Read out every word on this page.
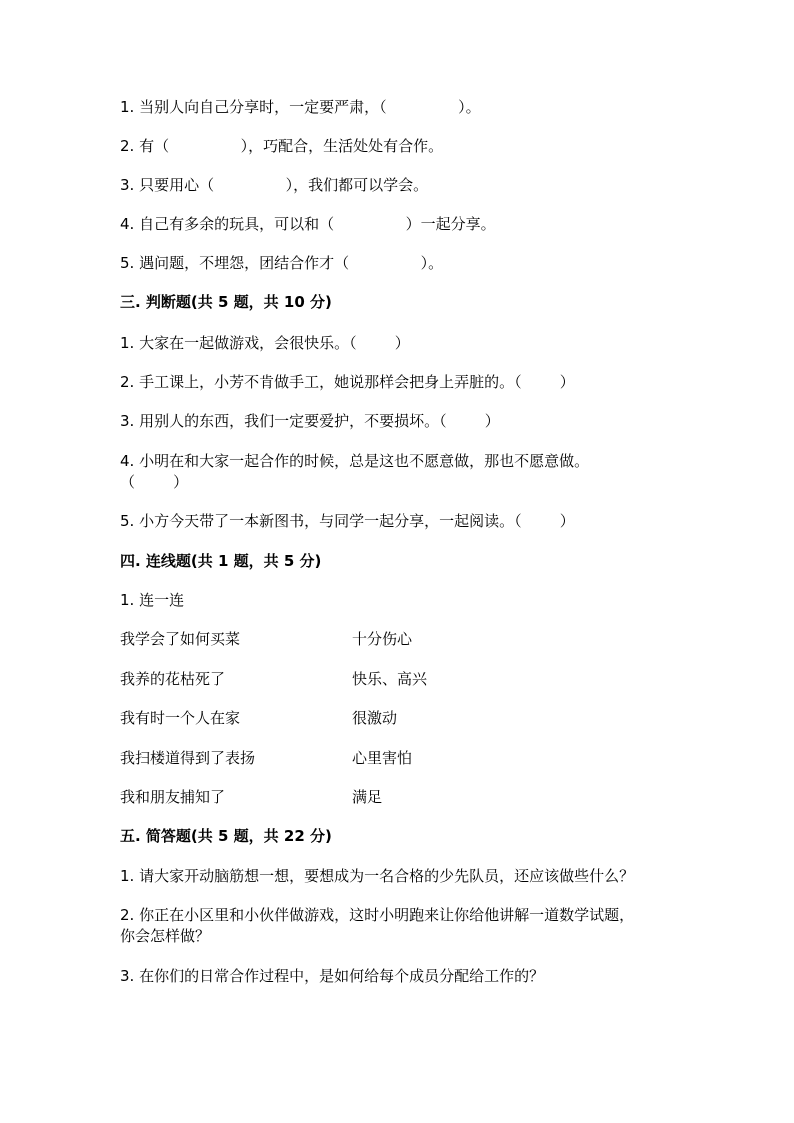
1. 当别人向自己分享时，一定要严肃，（               ）。

2. 有（               ），巧配合，生活处处有合作。

3. 只要用心（               ），我们都可以学会。

4. 自己有多余的玩具，可以和（               ）一起分享。

5. 遇问题，不埋怨，团结合作才（               ）。

三. 判断题(共 5 题，共 10 分)

1. 大家在一起做游戏，会很快乐。（        ）

2. 手工课上，小芳不肯做手工，她说那样会把身上弄脏的。（        ）

3. 用别人的东西，我们一定要爱护，不要损坏。（        ）

4. 小明在和大家一起合作的时候，总是这也不愿意做，那也不愿意做。

（        ）

5. 小方今天带了一本新图书，与同学一起分享，一起阅读。（        ）

四. 连线题(共 1 题，共 5 分)

1. 连一连

我学会了如何买菜	十分伤心

我养的花枯死了	快乐、高兴

我有时一个人在家	很激动

我扫楼道得到了表扬	心里害怕

我和朋友捕知了	满足

五. 简答题(共 5 题，共 22 分)

1. 请大家开动脑筋想一想，要想成为一名合格的少先队员，还应该做些什么？

2. 你正在小区里和小伙伴做游戏，这时小明跑来让你给他讲解一道数学试题，

你会怎样做？

3. 在你们的日常合作过程中，是如何给每个成员分配给工作的？
